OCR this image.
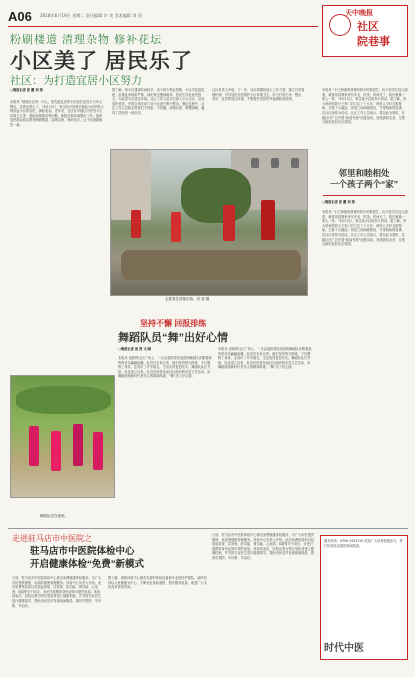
A06 2018年6月19日 星期二 责任编辑 许 英 美术编辑 刘 蓓	天中晚报
社区
院巷事
粉刷楼道 清理杂物 修补花坛
小区美了 居民乐了
社区：为打造宜居小区努力
□晚报记者 张 鹏 刘 菊
本报讯 “感谢社区的一片心，原先脏乱差的小区现在变得又干净又整洁，住着也舒心了。”6月15日，家住西平县城关镇某小区的张大妈说起小区的变化，满脸笑容。近年来，社区针对辖区内老旧小区环境卫生差、基础设施陈旧等问题，积极开展环境整治工作，组织居民群众和志愿者粉刷楼道、清理杂物、修补花坛，让小区面貌焕然一新。
据了解，该小区建成时间较早，由于缺少物业管理，小区内乱搭乱建、乱堆乱放现象严重，绿化带也遭到破坏，居民们对此意见很大。为改善小区居住环境，社区工作人员多次深入小区走访，征求居民意见，并联合相关部门对小区进行集中整治。整治过程中，社区工作人员和志愿者们不怕脏、不怕累，清理垃圾、修整绿地，赢得了居民的一致好评。
社区负责人介绍，下一步，社区将继续加大工作力度，建立长效管理机制，引导居民自觉维护小区环境卫生，努力打造干净、整洁、有序、宜居的居住环境，不断提升居民的幸福感和获得感。
志愿者在清理杂物。刘 菊 摄
邻里和睦相处
一个孩子两个“家”
本报讯 “小王和他的爸爸妈妈平时都很忙，孩子放学后没人照看，就常常到我家来写作业、吃饭，时间长了，我们就像一家人一样。”6月15日，家住某小区的李大妈说。据了解，李大妈和邻居小王家门对门住了十几年，两家人平时互相帮助，关系十分融洽。邻里之间和睦相处、守望相助的故事，在社区里传为佳话。社区工作人员表示，将以此为契机，在辖区内广泛开展“和谐邻里”创建活动，营造团结友爱、互帮互助的良好社区氛围。
□晚报记者 张 鹏 刘 菊
本报讯 “小王和他的爸爸妈妈平时都很忙，孩子放学后没人照看，就常常到我家来写作业、吃饭，时间长了，我们就像一家人一样。”6月15日，家住某小区的李大妈说。据了解，李大妈和邻居小王家门对门住了十几年，两家人平时互相帮助，关系十分融洽。邻里之间和睦相处、守望相助的故事，在社区里传为佳话。社区工作人员表示，将以此为契机，在辖区内广泛开展“和谐邻里”创建活动，营造团结友爱、互帮互助的良好社区氛围。
坚持不懈 回报排练
舞蹈队员“舞”出好心情
□晚报记者 周 涛 文/图
本报讯 清晨的社区广场上，一支由退休居民组成的舞蹈队伴随着欢快的音乐翩翩起舞。队员们告诉记者，她们坚持每天排练，不仅锻炼了身体，还结识了许多朋友，生活变得更加充实。舞蹈队队长介绍，队伍成立以来，队员们经常参加社区组织的各类文艺活动，用舞蹈展现新时代老年人的精神风貌，“舞”出了好心情。
本报讯 清晨的社区广场上，一支由退休居民组成的舞蹈队伴随着欢快的音乐翩翩起舞。队员们告诉记者，她们坚持每天排练，不仅锻炼了身体，还结识了许多朋友，生活变得更加充实。舞蹈队队长介绍，队伍成立以来，队员们经常参加社区组织的各类文艺活动，用舞蹈展现新时代老年人的精神风貌，“舞”出了好心情。
舞蹈队员在排练。
走进驻马店市中医院之
驻马店市中医院体检中心
开启健康体检“免费”新模式
日前，驻马店市中医院体检中心推出免费健康体检服务，为广大市民提供便捷、优质的健康管理服务。体检中心负责人介绍，此次免费体检项目包括血常规、尿常规、肝功能、肾功能、心电图、B超等多个项目，市民只需携带身份证即可预约参加。体检结束后，医院还将为每位受检者建立健康档案，并安排专业医生进行健康指导，帮助市民及早发现疾病隐患，做到早预防、早诊断、早治疗。
据了解，该院体检中心拥有先进的体检设备和专业的医护团队，始终坚持以人民健康为中心，不断优化体检流程，提升服务质量。欢迎广大市民前来体检咨询。
日前，驻马店市中医院体检中心推出免费健康体检服务，为广大市民提供便捷、优质的健康管理服务。体检中心负责人介绍，此次免费体检项目包括血常规、尿常规、肝功能、肾功能、心电图、B超等多个项目，市民只需携带身份证即可预约参加。体检结束后，医院还将为每位受检者建立健康档案，并安排专业医生进行健康指导，帮助市民及早发现疾病隐患，做到早预防、早诊断、早治疗。
服务热线：0396-2929120 欢迎广大读者积极参与，拨打热线电话提供新闻线索。
时代中医
